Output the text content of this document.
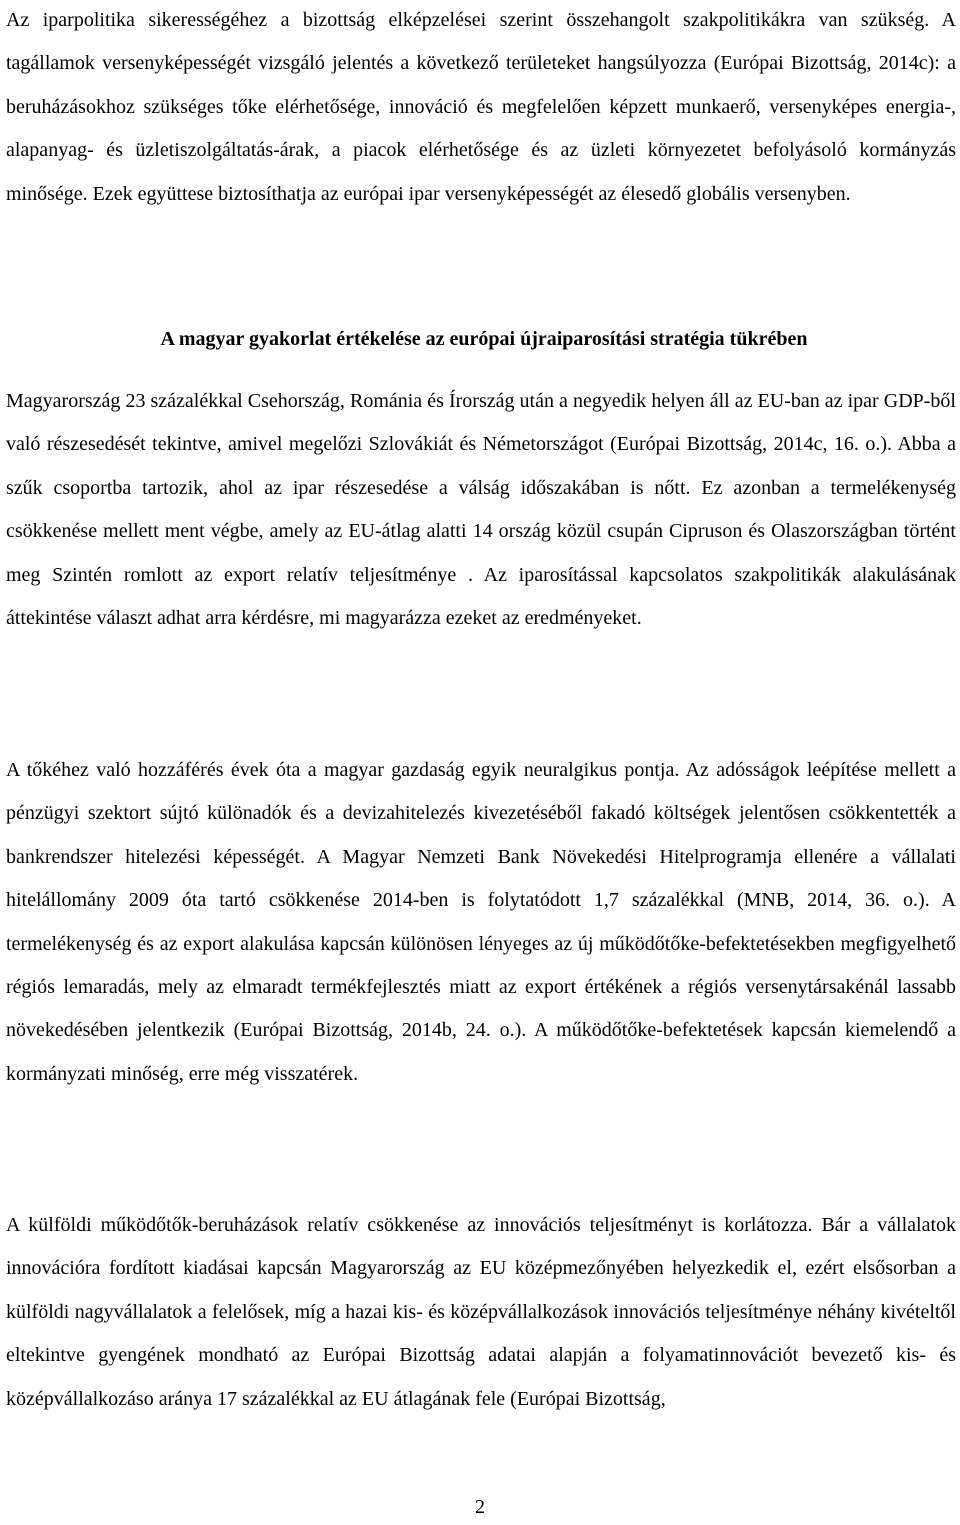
Az iparpolitika sikerességéhez a bizottság elképzelései szerint összehangolt szakpolitikákra van szükség. A tagállamok versenyképességét vizsgáló jelentés a következő területeket hangsúlyozza (Európai Bizottság, 2014c): a beruházásokhoz szükséges tőke elérhetősége, innováció és megfelelően képzett munkaerő, versenyképes energia-, alapanyag- és üzletiszolgáltatás-árak, a piacok elérhetősége és az üzleti környezetet befolyásoló kormányzás minősége. Ezek együttese biztosíthatja az európai ipar versenyképességét az élesedő globális versenyben.

A magyar gyakorlat értékelése az európai újraiparosítási stratégia tükrében

Magyarország 23 százalékkal Csehország, Románia és Írország után a negyedik helyen áll az EU-ban az ipar GDP-ből való részesedését tekintve, amivel megelőzi Szlovákiát és Németországot (Európai Bizottság, 2014c, 16. o.). Abba a szűk csoportba tartozik, ahol az ipar részesedése a válság időszakában is nőtt. Ez azonban a termelékenység csökkenése mellett ment végbe, amely az EU-átlag alatti 14 ország közül csupán Cipruson és Olaszországban történt meg Szintén romlott az export relatív teljesítménye . Az iparosítással kapcsolatos szakpolitikák alakulásának áttekintése választ adhat arra kérdésre, mi magyarázza ezeket az eredményeket.

A tőkéhez való hozzáférés évek óta a magyar gazdaság egyik neuralgikus pontja. Az adósságok leépítése mellett a pénzügyi szektort sújtó különadók és a devizahitelezés kivezetéséből fakadó költségek jelentősen csökkentették a bankrendszer hitelezési képességét. A Magyar Nemzeti Bank Növekedési Hitelprogramja ellenére a vállalati hitelállomány 2009 óta tartó csökkenése 2014-ben is folytatódott 1,7 százalékkal (MNB, 2014, 36. o.). A termelékenység és az export alakulása kapcsán különösen lényeges az új működőtőke-befektetésekben megfigyelhető régiós lemaradás, mely az elmaradt termékfejlesztés miatt az export értékének a régiós versenytársakénál lassabb növekedésében jelentkezik (Európai Bizottság, 2014b, 24. o.). A működőtőke-befektetések kapcsán kiemelendő a kormányzati minőség, erre még visszatérek.

A külföldi működőtők-beruházások relatív csökkenése az innovációs teljesítményt is korlátozza. Bár a vállalatok innovációra fordított kiadásai kapcsán Magyarország az EU középmezőnyében helyezkedik el, ezért elsősorban a külföldi nagyvállalatok a felelősek, míg a hazai kis- és középvállalkozások innovációs teljesítménye néhány kivételtől eltekintve gyengének mondható az Európai Bizottság adatai alapján a folyamatinnovációt bevezető kis- és középvállalkozáso aránya 17 százalékkal az EU átlagának fele (Európai Bizottság,

2
